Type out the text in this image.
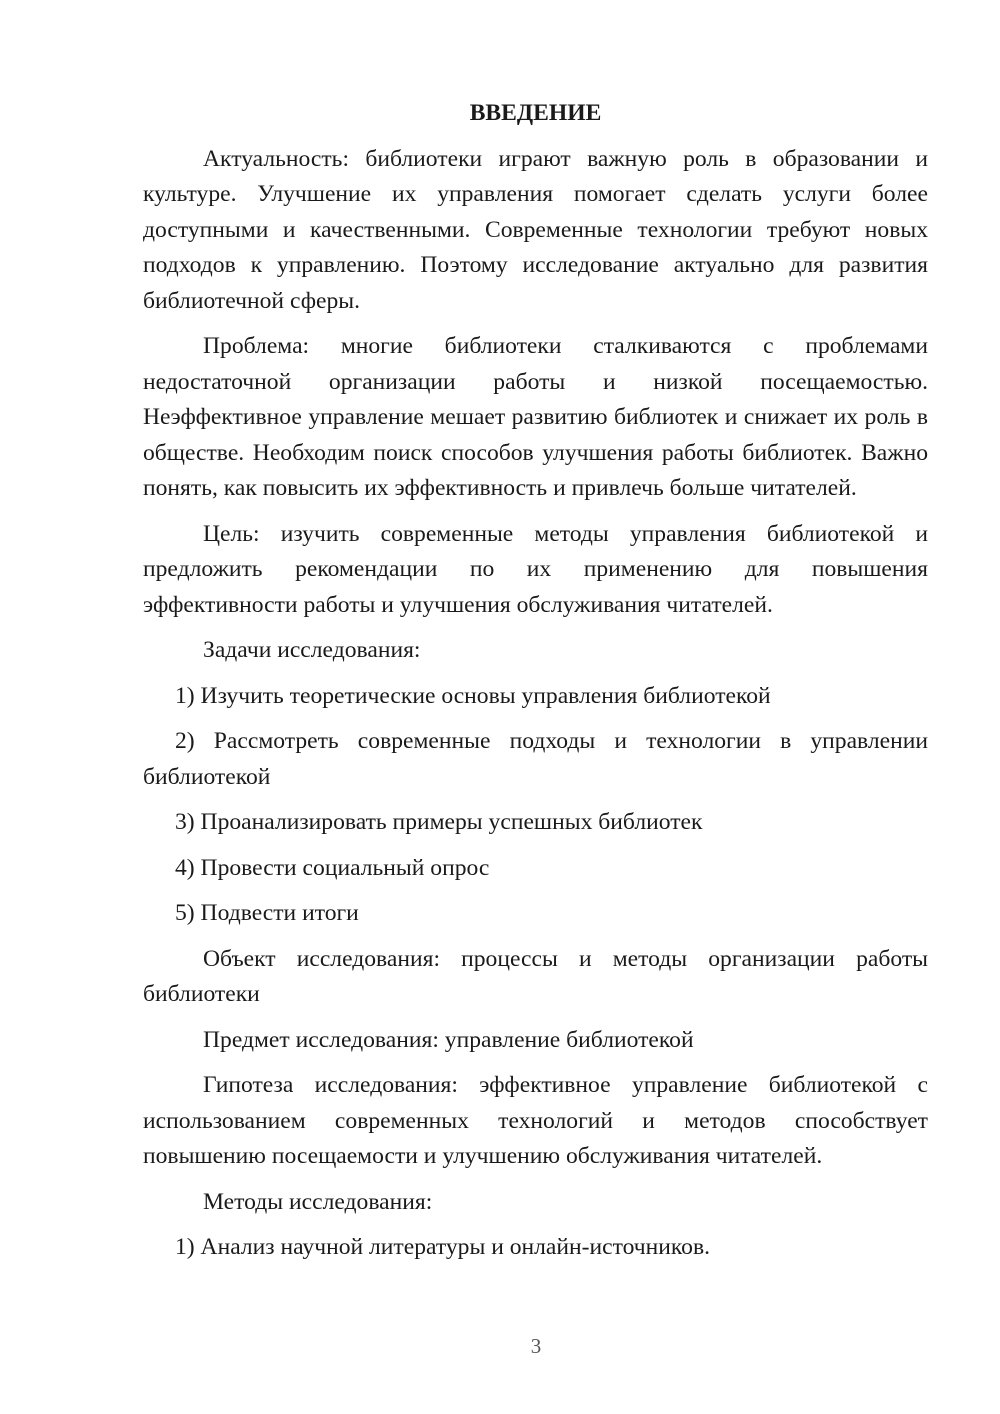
ВВЕДЕНИЕ

Актуальность: библиотеки играют важную роль в образовании и культуре. Улучшение их управления помогает сделать услуги более доступными и качественными. Современные технологии требуют новых подходов к управлению. Поэтому исследование актуально для развития библиотечной сферы.

Проблема: многие библиотеки сталкиваются с проблемами недостаточной организации работы и низкой посещаемостью. Неэффективное управление мешает развитию библиотек и снижает их роль в обществе. Необходим поиск способов улучшения работы библиотек. Важно понять, как повысить их эффективность и привлечь больше читателей.

Цель: изучить современные методы управления библиотекой и предложить рекомендации по их применению для повышения эффективности работы и улучшения обслуживания читателей.

Задачи исследования:

1) Изучить теоретические основы управления библиотекой

2) Рассмотреть современные подходы и технологии в управлении библиотекой

3) Проанализировать примеры успешных библиотек

4) Провести социальный опрос

5) Подвести итоги

Объект исследования: процессы и методы организации работы библиотеки

Предмет исследования: управление библиотекой

Гипотеза исследования: эффективное управление библиотекой с использованием современных технологий и методов способствует повышению посещаемости и улучшению обслуживания читателей.

Методы исследования:

1) Анализ научной литературы и онлайн-источников.

3
